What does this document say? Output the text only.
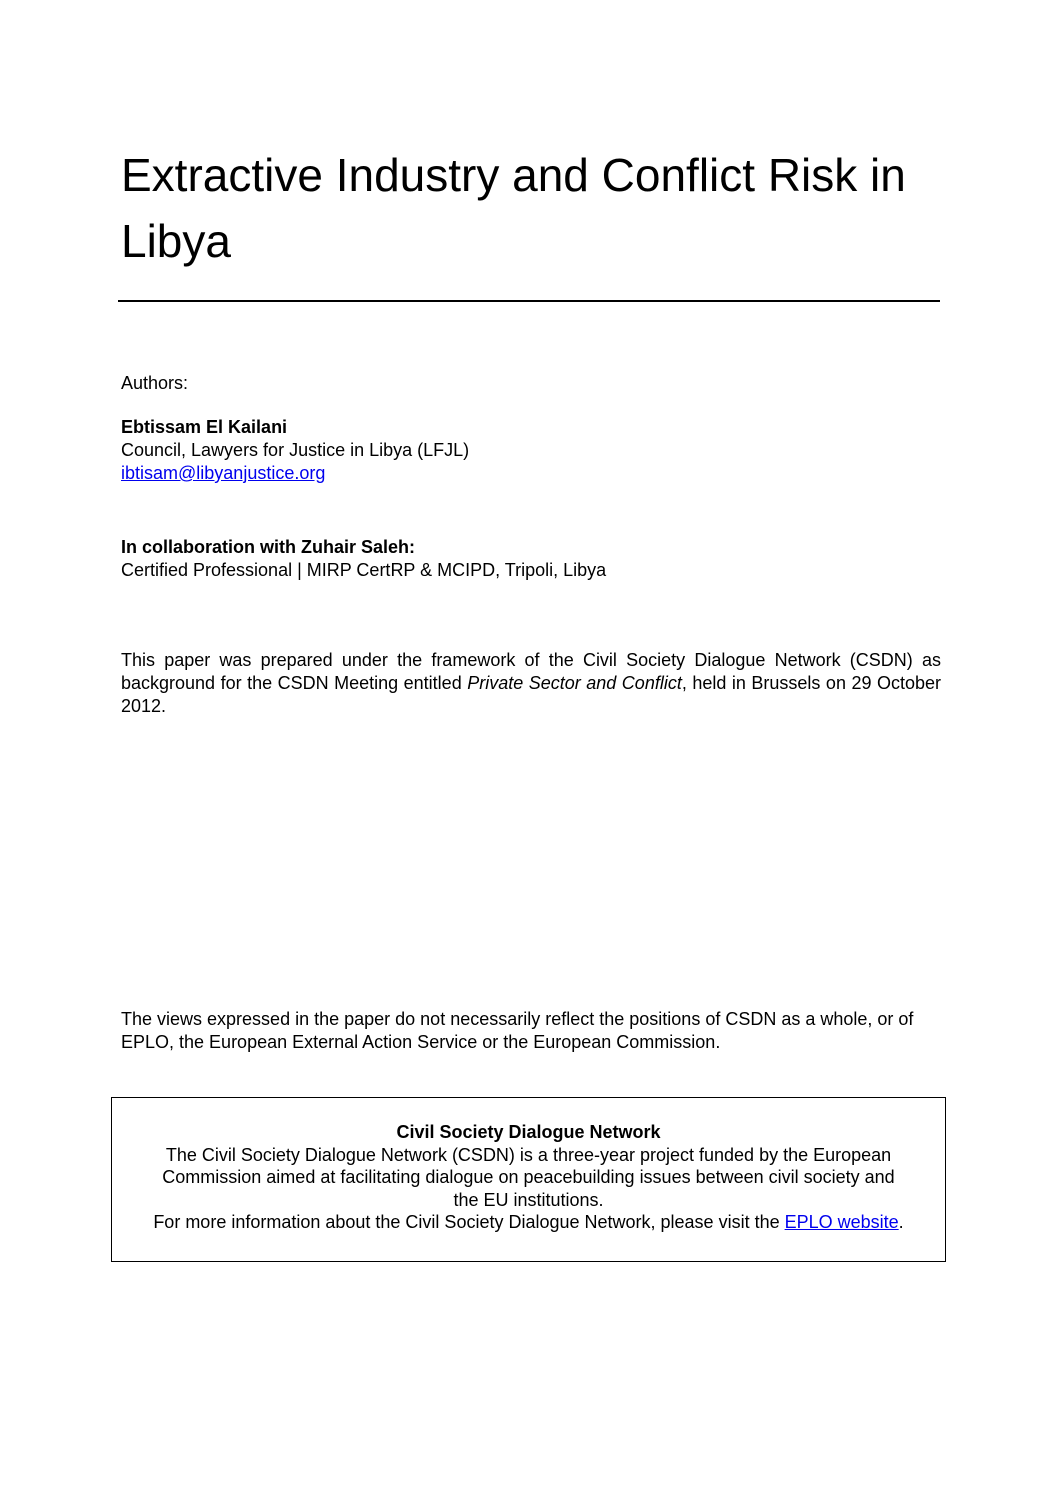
Extractive Industry and Conflict Risk in Libya
Authors:
Ebtissam El Kailani
Council, Lawyers for Justice in Libya (LFJL)
ibtisam@libyanjustice.org
In collaboration with Zuhair Saleh:
Certified Professional | MIRP CertRP & MCIPD, Tripoli, Libya
This paper was prepared under the framework of the Civil Society Dialogue Network (CSDN) as background for the CSDN Meeting entitled Private Sector and Conflict, held in Brussels on 29 October 2012.
The views expressed in the paper do not necessarily reflect the positions of CSDN as a whole, or of EPLO, the European External Action Service or the European Commission.
Civil Society Dialogue Network
The Civil Society Dialogue Network (CSDN) is a three-year project funded by the European
Commission aimed at facilitating dialogue on peacebuilding issues between civil society and
the EU institutions.
For more information about the Civil Society Dialogue Network, please visit the EPLO website.
